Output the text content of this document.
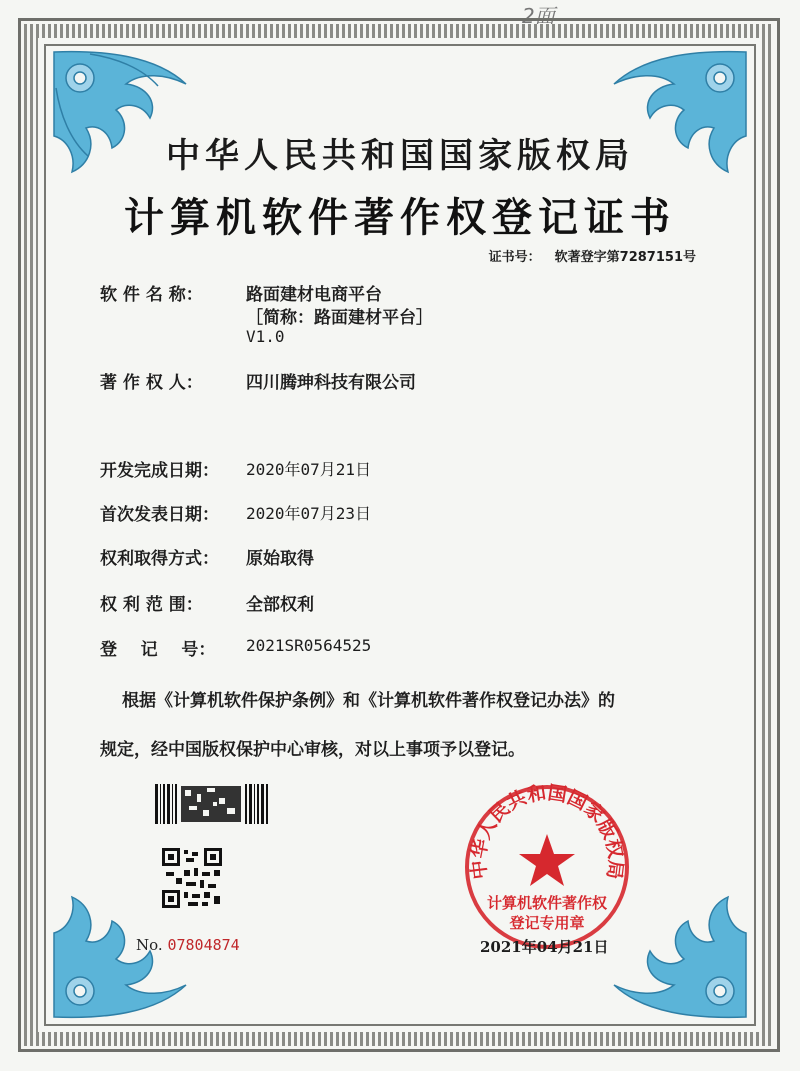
2面
中华人民共和国国家版权局
计算机软件著作权登记证书
证书号： 软著登字第7287151号
软 件 名 称：	路面建材电商平台
［简称：路面建材平台］
V1.0
著 作 权 人：	四川腾珅科技有限公司
开发完成日期： 2020年07月21日
首次发表日期： 2020年07月23日
权利取得方式： 原始取得
权 利 范 围：	全部权利
登    记    号： 2021SR0564525
根据《计算机软件保护条例》和《计算机软件著作权登记办法》的
规定，经中国版权保护中心审核，对以上事项予以登记。
No. 07804874
中华人民共和国国家版权局
计算机软件著作权
登记专用章
2021年04月21日
